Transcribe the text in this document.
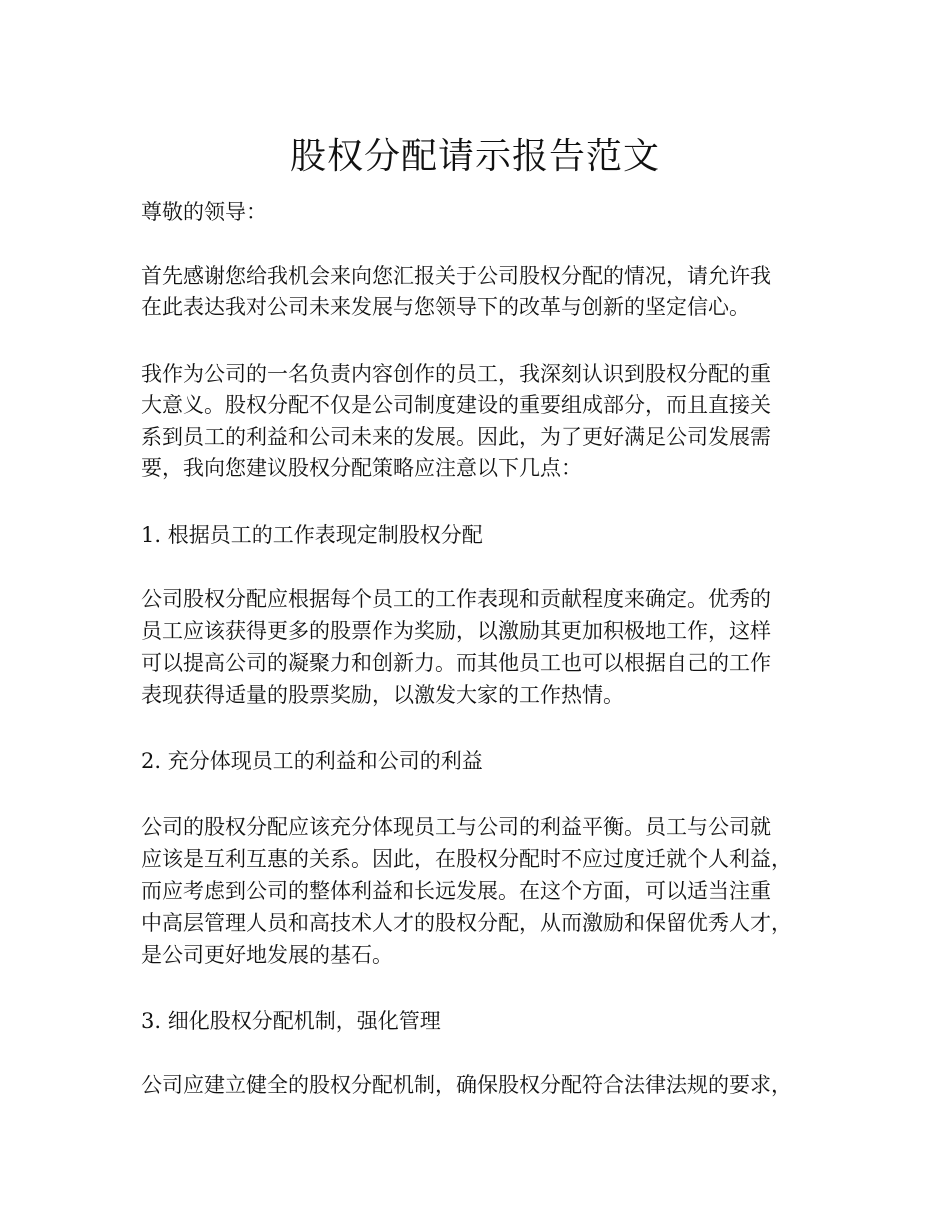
股权分配请示报告范文
尊敬的领导：
首先感谢您给我机会来向您汇报关于公司股权分配的情况，请允许我
在此表达我对公司未来发展与您领导下的改革与创新的坚定信心。
我作为公司的一名负责内容创作的员工，我深刻认识到股权分配的重
大意义。股权分配不仅是公司制度建设的重要组成部分，而且直接关
系到员工的利益和公司未来的发展。因此，为了更好满足公司发展需
要，我向您建议股权分配策略应注意以下几点：
1. 根据员工的工作表现定制股权分配
公司股权分配应根据每个员工的工作表现和贡献程度来确定。优秀的
员工应该获得更多的股票作为奖励，以激励其更加积极地工作，这样
可以提高公司的凝聚力和创新力。而其他员工也可以根据自己的工作
表现获得适量的股票奖励，以激发大家的工作热情。
2. 充分体现员工的利益和公司的利益
公司的股权分配应该充分体现员工与公司的利益平衡。员工与公司就
应该是互利互惠的关系。因此，在股权分配时不应过度迁就个人利益，
而应考虑到公司的整体利益和长远发展。在这个方面，可以适当注重
中高层管理人员和高技术人才的股权分配，从而激励和保留优秀人才，
是公司更好地发展的基石。
3. 细化股权分配机制，强化管理
公司应建立健全的股权分配机制，确保股权分配符合法律法规的要求，
